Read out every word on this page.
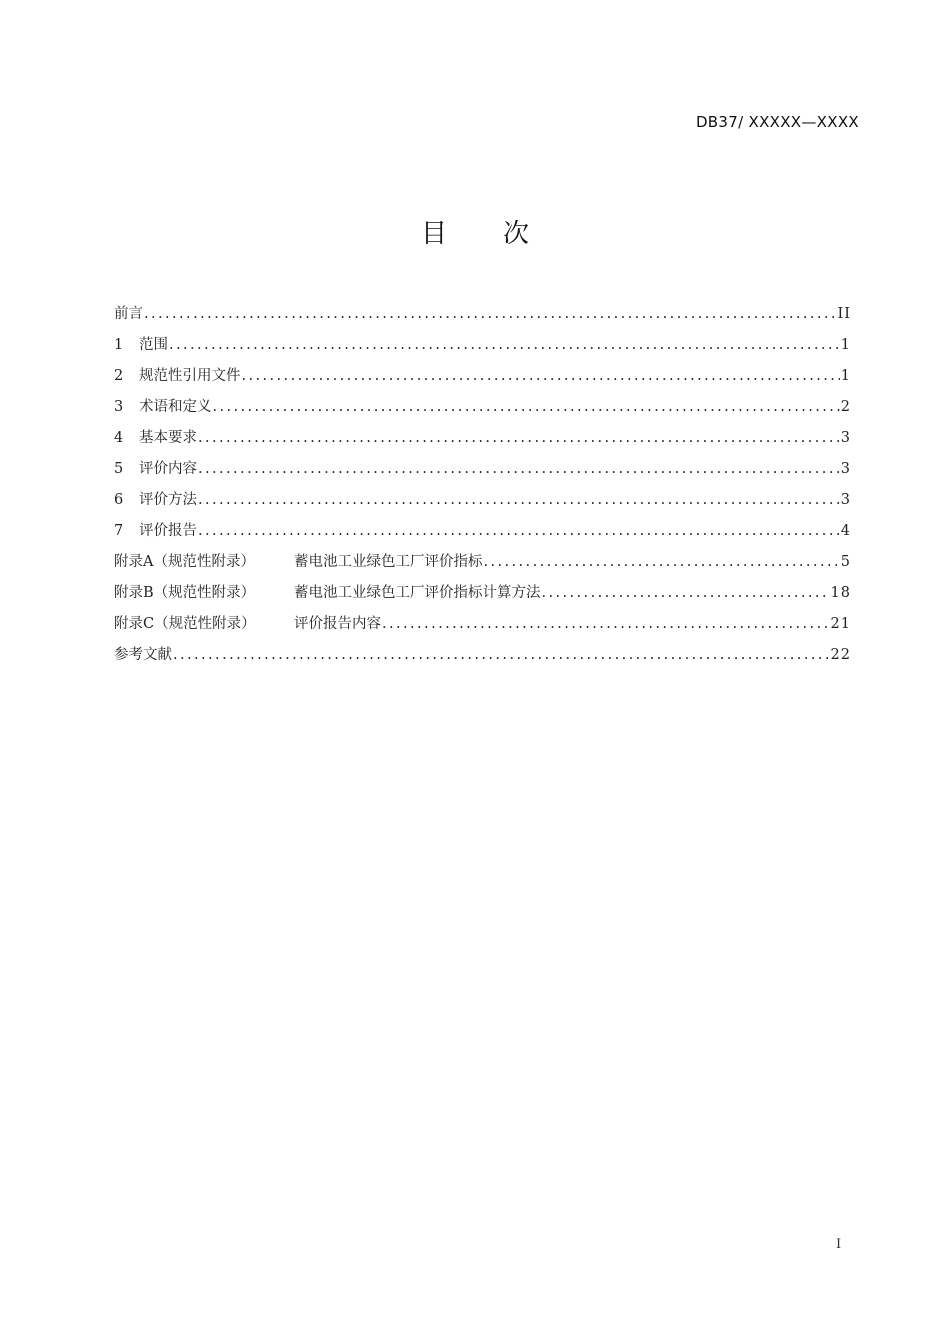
DB37/ XXXXX—XXXX
目次
前言 .....	II
1 范围 .....	1
2 规范性引用文件 .....	1
3 术语和定义 .....	2
4 基本要求 .....	3
5 评价内容 .....	3
6 评价方法 .....	3
7 评价报告 .....	4
附录A（规范性附录）	蓄电池工业绿色工厂评价指标 .....	5
附录B（规范性附录）	蓄电池工业绿色工厂评价指标计算方法 .....	18
附录C（规范性附录）	评价报告内容 .....	21
参考文献 .....	22
I
